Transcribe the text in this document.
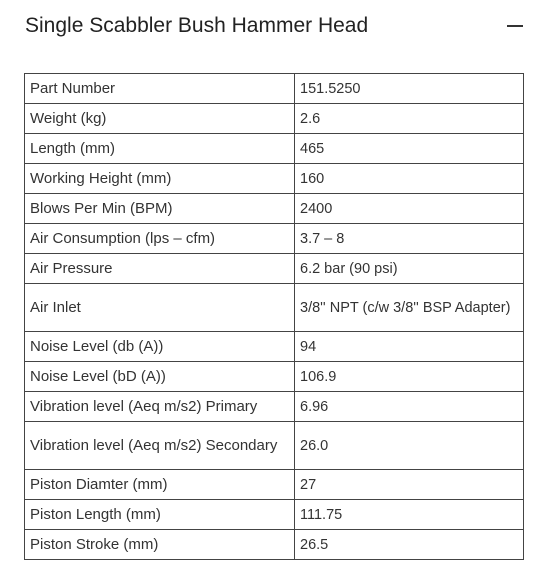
Single Scabbler Bush Hammer Head
Part Number	151.5250
Weight (kg)	2.6
Length (mm)	465
Working Height (mm)	160
Blows Per Min (BPM)	2400
Air Consumption (lps – cfm)	3.7 – 8
Air Pressure	6.2 bar (90 psi)
Air Inlet	3/8'' NPT (c/w 3/8'' BSP Adapter)
Noise Level (db (A))	94
Noise Level (bD (A))	106.9
Vibration level (Aeq m/s2) Primary	6.96
Vibration level (Aeq m/s2) Secondary	26.0
Piston Diamter (mm)	27
Piston Length (mm)	111.75
Piston Stroke (mm)	26.5
